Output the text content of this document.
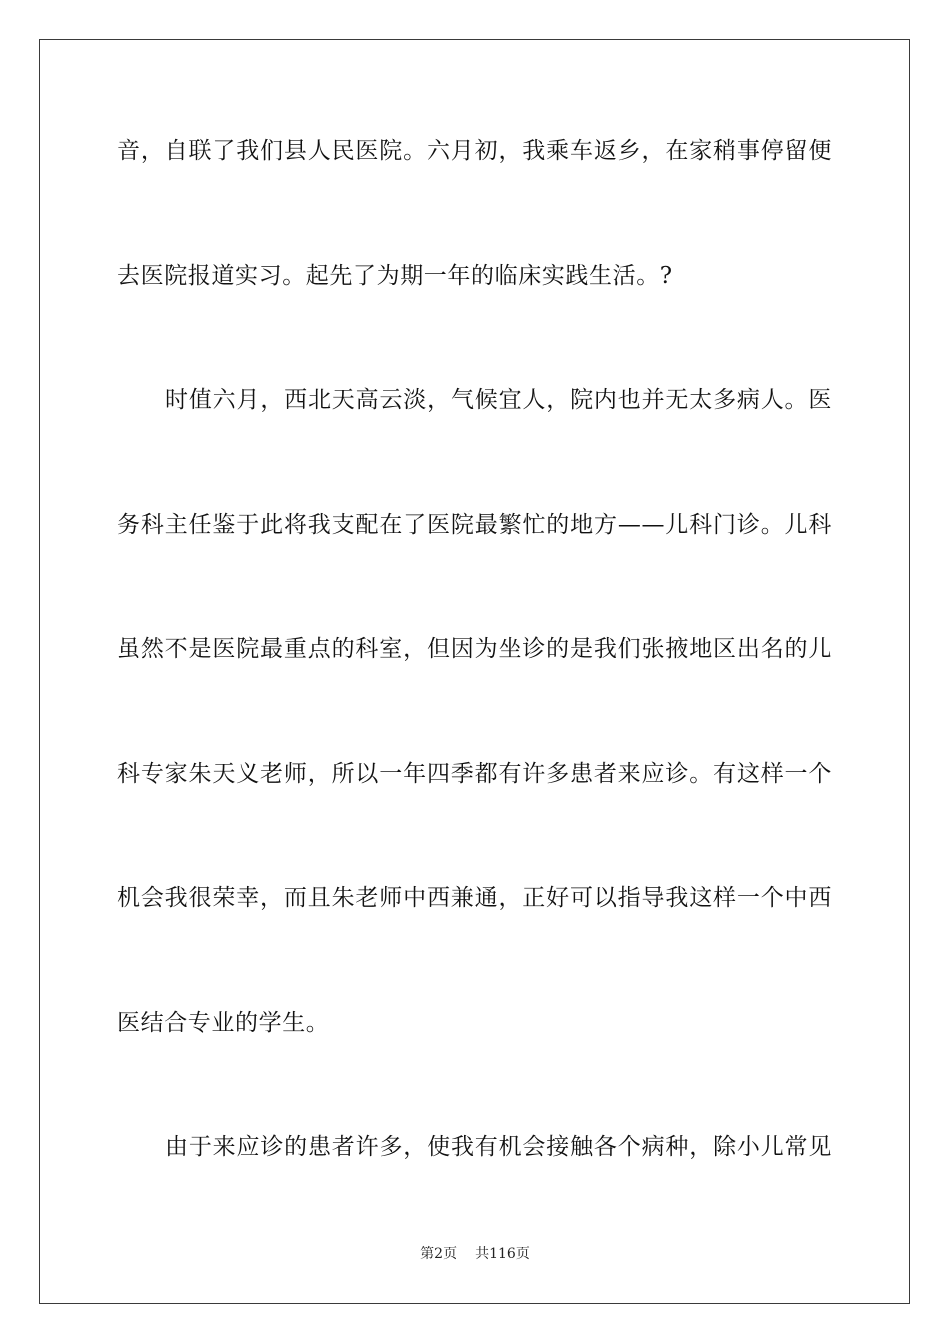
音，自联了我们县人民医院。六月初，我乘车返乡，在家稍事停留便
去医院报道实习。起先了为期一年的临床实践生活。?
时值六月，西北天高云淡，气候宜人，院内也并无太多病人。医
务科主任鉴于此将我支配在了医院最繁忙的地方——儿科门诊。儿科
虽然不是医院最重点的科室，但因为坐诊的是我们张掖地区出名的儿
科专家朱天义老师，所以一年四季都有许多患者来应诊。有这样一个
机会我很荣幸，而且朱老师中西兼通，正好可以指导我这样一个中西
医结合专业的学生。
由于来应诊的患者许多，使我有机会接触各个病种，除小儿常见
第2页 共116页
